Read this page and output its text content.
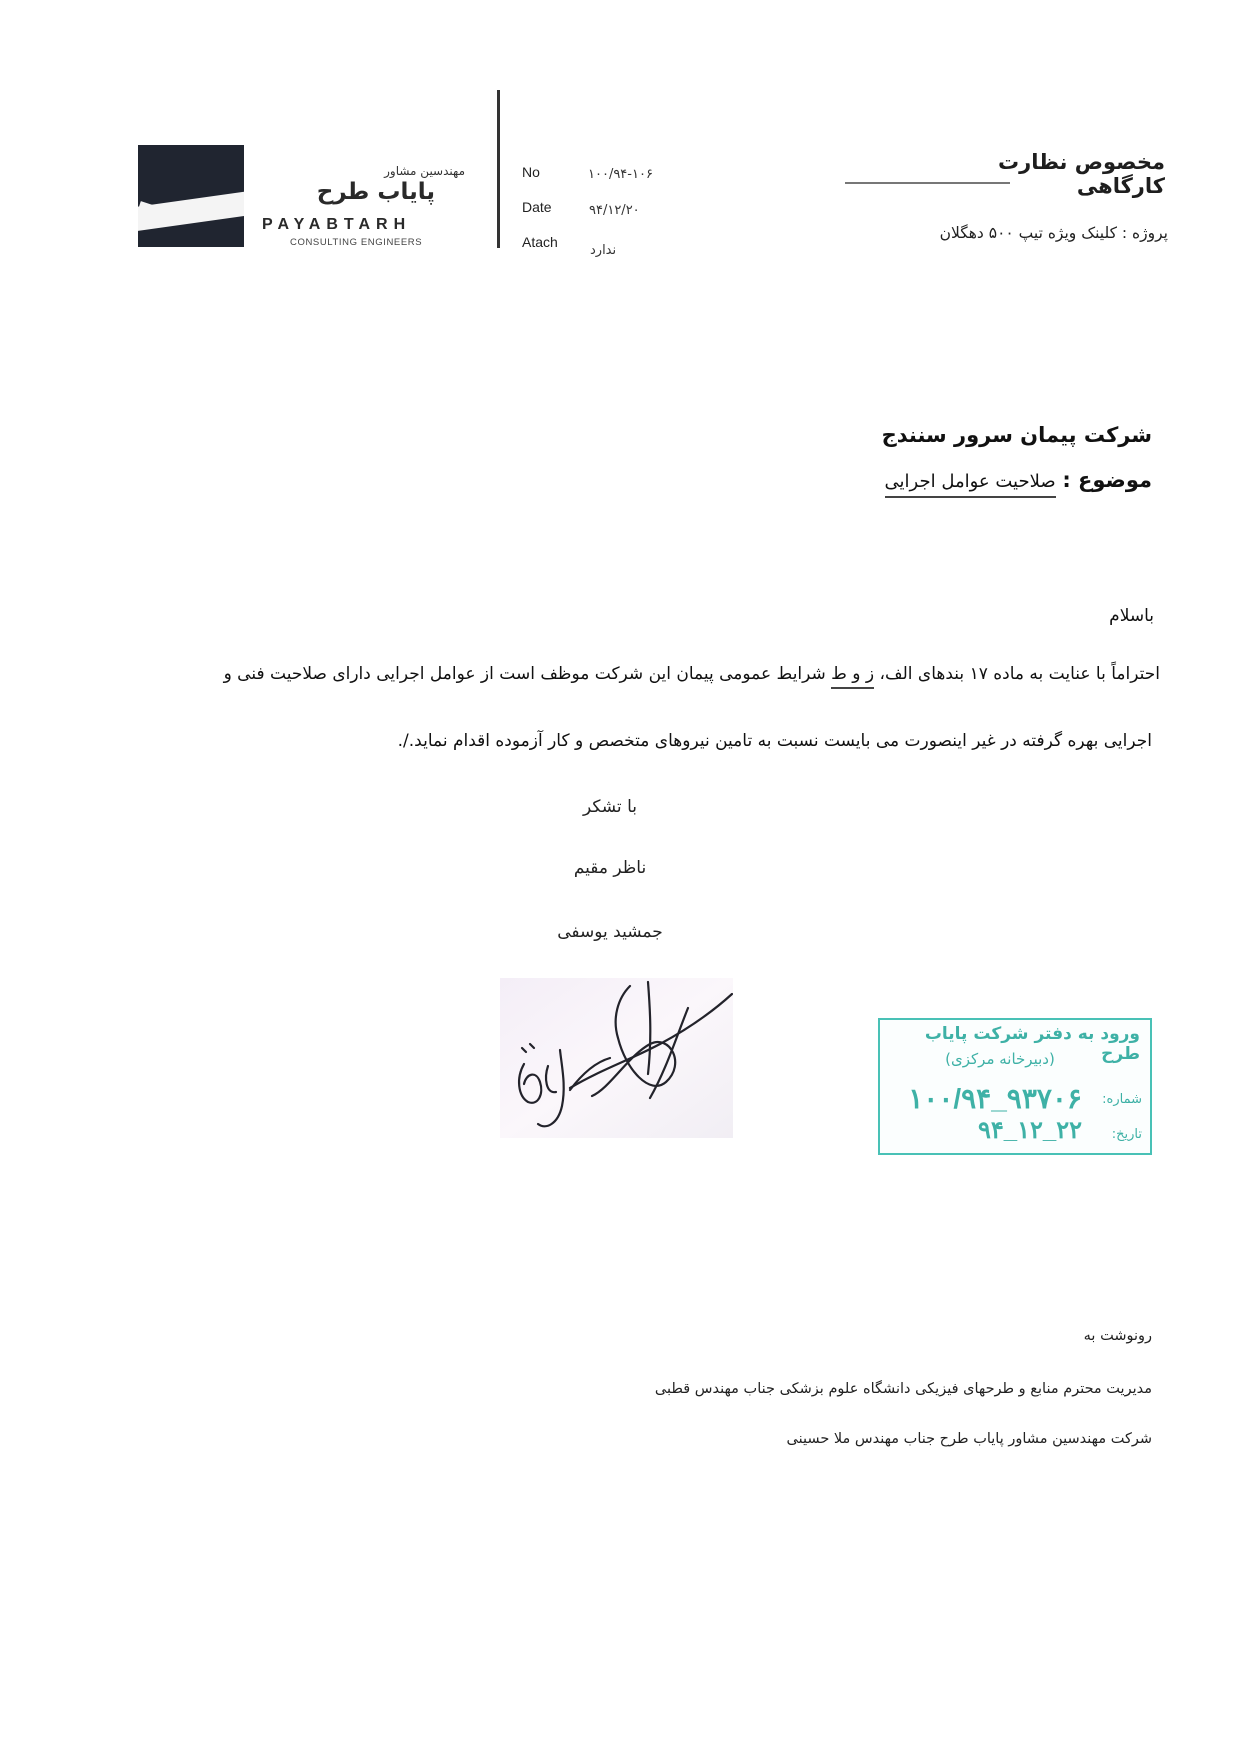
مهندسین مشاور
پایاب طرح
PAYABTARH
CONSULTING ENGINEERS
No
Date
Atach
۱۰۰/۹۴-۱۰۶
۹۴/۱۲/۲۰
ندارد
مخصوص نظارت کارگاهی
پروژه : کلینک ویژه تیپ ۵۰۰ دهگلان
شرکت پیمان سرور سنندج
موضوع : صلاحیت عوامل اجرایی
باسلام
احتراماً با عنایت به ماده ۱۷ بندهای الف، ز و ط شرایط عمومی پیمان این شرکت موظف است از عوامل اجرایی دارای صلاحیت فنی و
اجرایی بهره گرفته در غیر اینصورت می بایست نسبت به تامین نیروهای متخصص و کار آزموده اقدام نماید./.
با تشکر
ناظر مقیم
جمشید یوسفی
ورود به دفتر شرکت پایاب طرح
(دبیرخانه مرکزی)
شماره:
۱۰۰/۹۴_۹۳۷۰۶
تاریخ:
۹۴_۱۲_۲۲
رونوشت به
مدیریت محترم منابع و طرحهای فیزیکی دانشگاه علوم بزشکی جناب مهندس قطبی
شرکت مهندسین مشاور پایاب طرح جناب مهندس ملا حسینی
